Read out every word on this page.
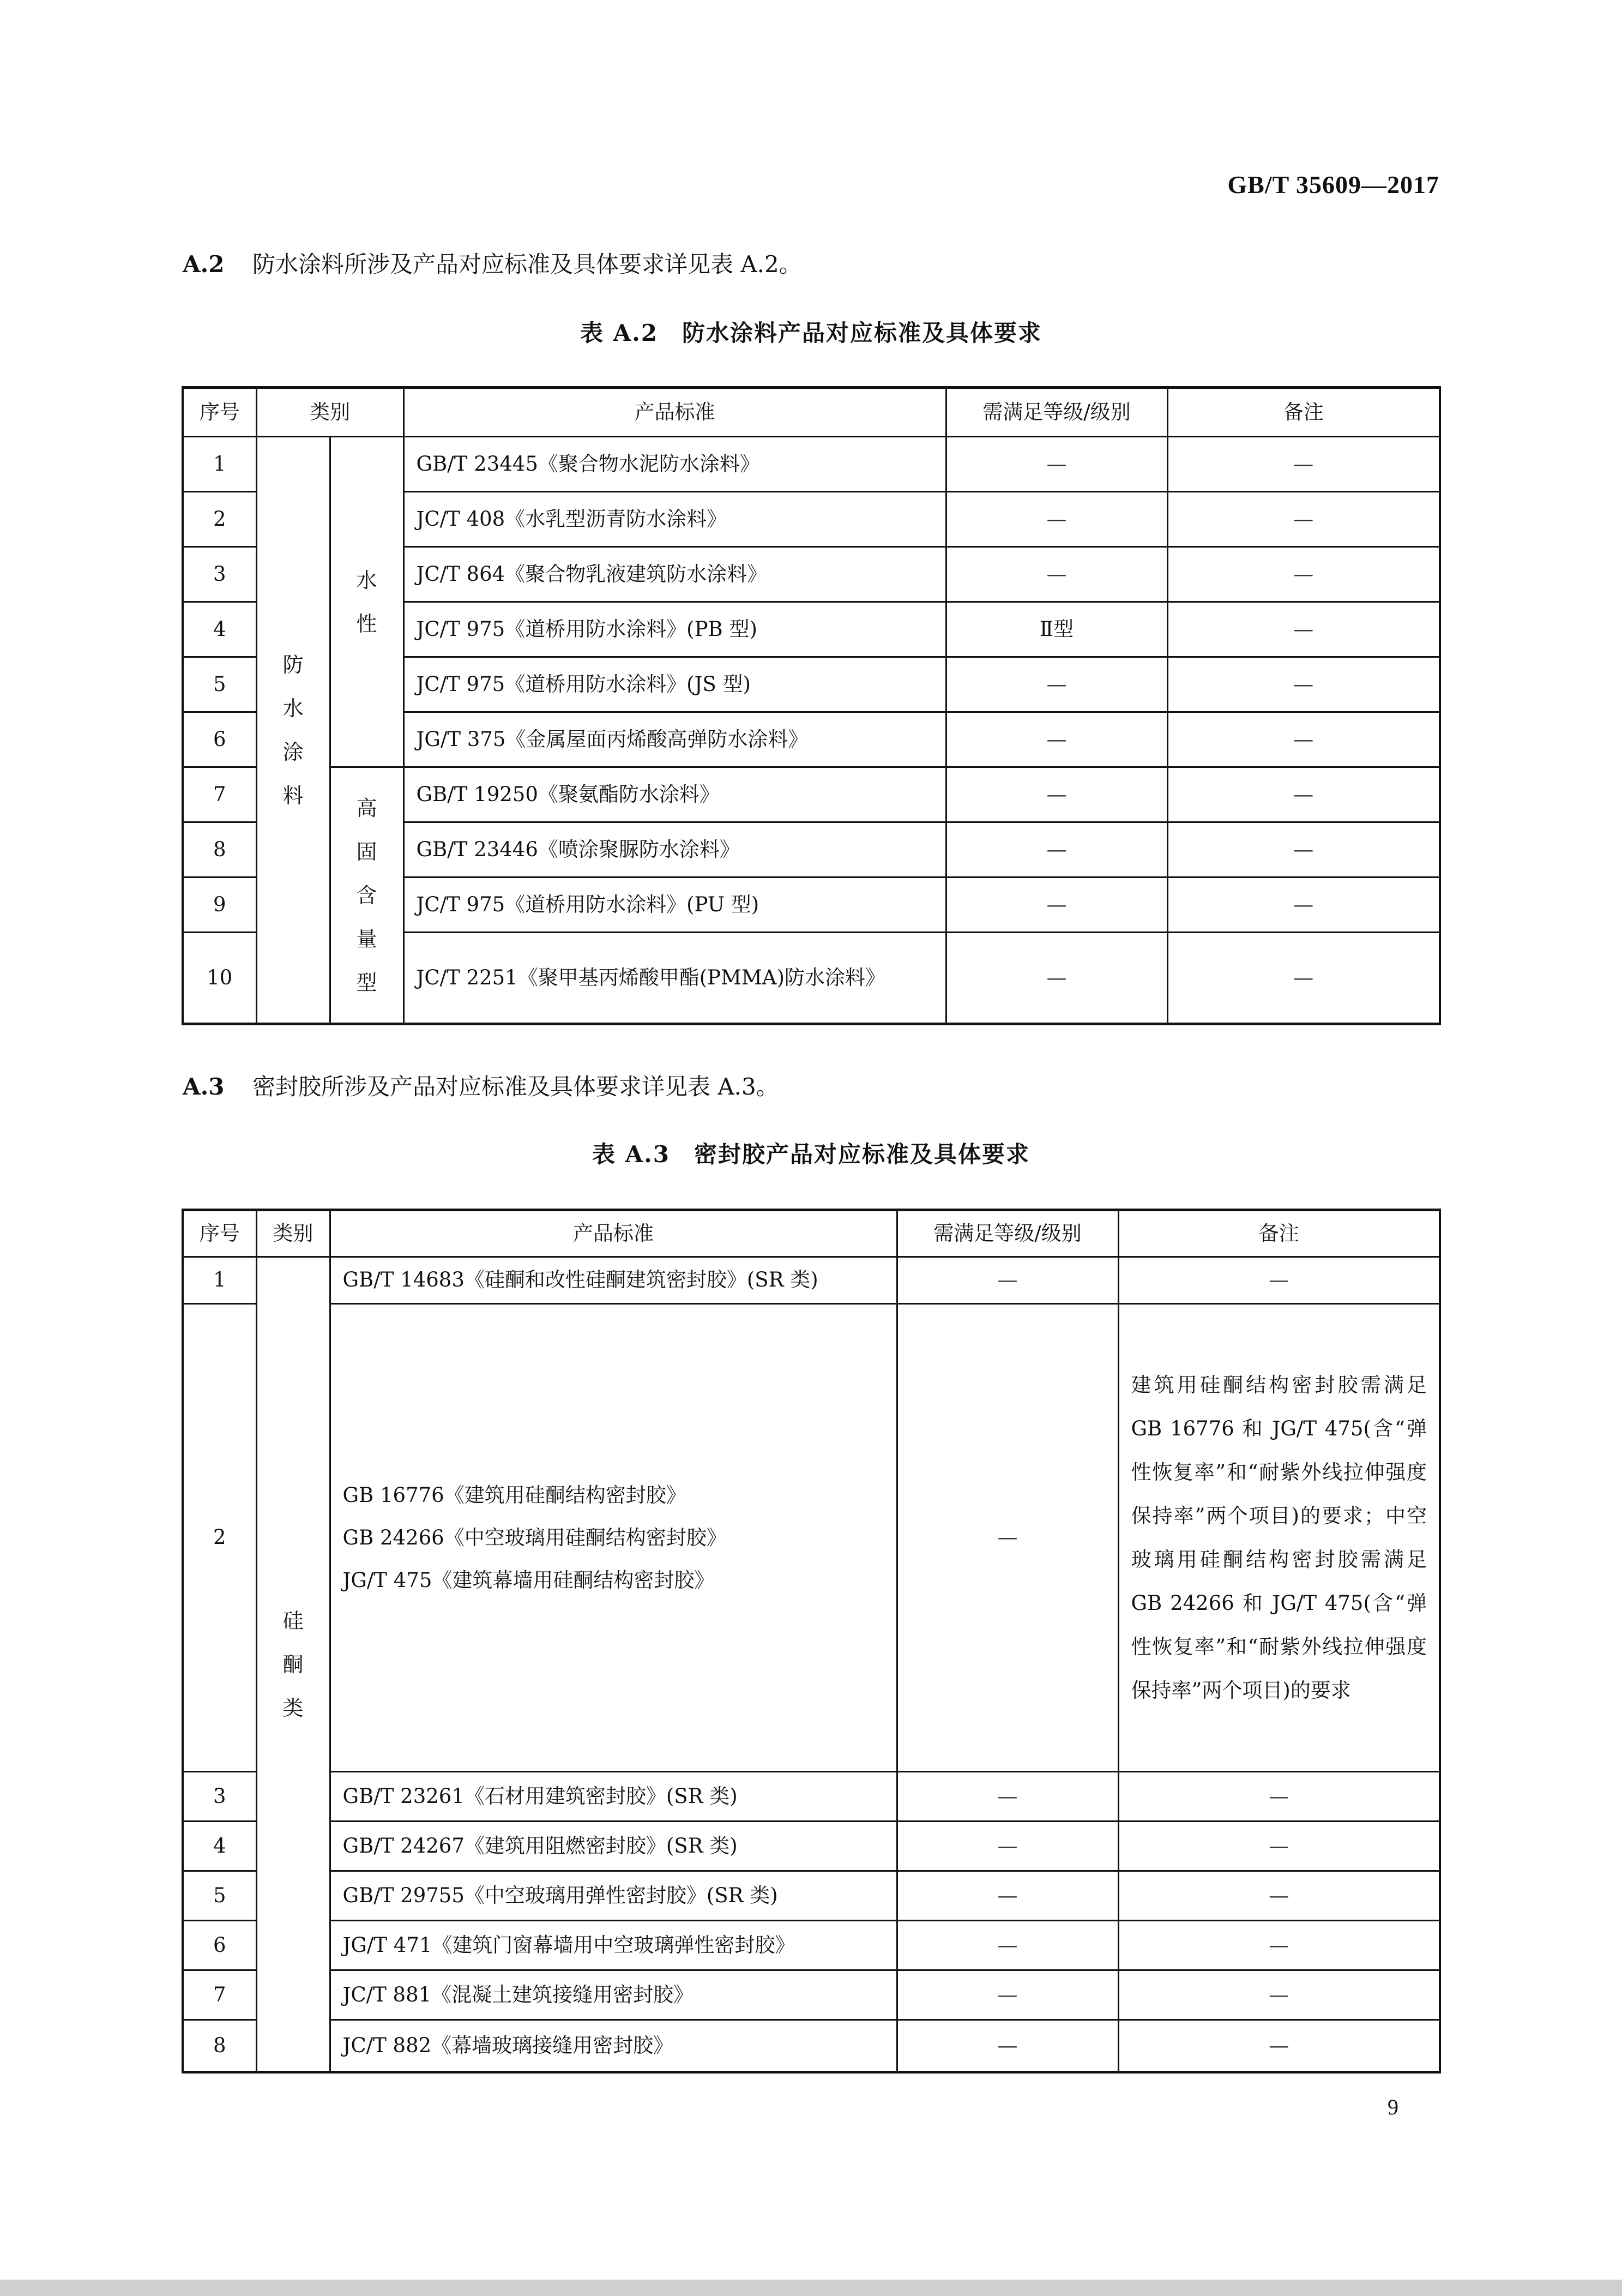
GB/T 35609—2017
A.2 防水涂料所涉及产品对应标准及具体要求详见表 A.2。
表 A.2　防水涂料产品对应标准及具体要求
序号	类别		产品标准	需满足等级/级别	备注
1	防水涂料	水性	GB/T 23445《聚合物水泥防水涂料》	—	—
2			JC/T 408《水乳型沥青防水涂料》	—	—
3			JC/T 864《聚合物乳液建筑防水涂料》	—	—
4			JC/T 975《道桥用防水涂料》(PB 型)	Ⅱ型	—
5			JC/T 975《道桥用防水涂料》(JS 型)	—	—
6			JG/T 375《金属屋面丙烯酸高弹防水涂料》	—	—
7		高固含量型	GB/T 19250《聚氨酯防水涂料》	—	—
8			GB/T 23446《喷涂聚脲防水涂料》	—	—
9			JC/T 975《道桥用防水涂料》(PU 型)	—	—
10			JC/T 2251《聚甲基丙烯酸甲酯(PMMA)防水涂料》	—	—
A.3 密封胶所涉及产品对应标准及具体要求详见表 A.3。
表 A.3　密封胶产品对应标准及具体要求
序号	类别	产品标准	需满足等级/级别	备注
1	硅酮类	GB/T 14683《硅酮和改性硅酮建筑密封胶》(SR 类)	—	—
2		GB 16776《建筑用硅酮结构密封胶》
GB 24266《中空玻璃用硅酮结构密封胶》
JG/T 475《建筑幕墙用硅酮结构密封胶》	—	建筑用硅酮结构密封胶需满足 GB 16776 和 JG/T 475(含“弹性恢复率”和“耐紫外线拉伸强度保持率”两个项目)的要求；中空玻璃用硅酮结构密封胶需满足 GB 24266 和 JG/T 475(含“弹性恢复率”和“耐紫外线拉伸强度保持率”两个项目)的要求
3		GB/T 23261《石材用建筑密封胶》(SR 类)	—	—
4		GB/T 24267《建筑用阻燃密封胶》(SR 类)	—	—
5		GB/T 29755《中空玻璃用弹性密封胶》(SR 类)	—	—
6		JG/T 471《建筑门窗幕墙用中空玻璃弹性密封胶》	—	—
7		JC/T 881《混凝土建筑接缝用密封胶》	—	—
8		JC/T 882《幕墙玻璃接缝用密封胶》	—	—
9
